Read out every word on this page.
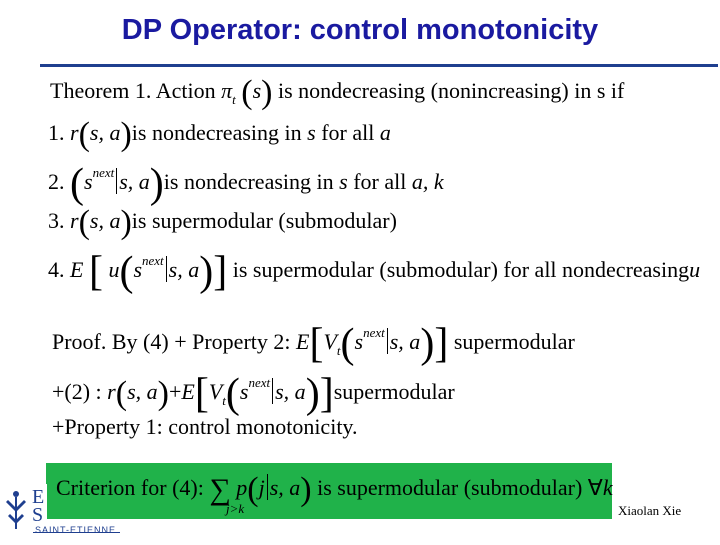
DP Operator: control monotonicity
Theorem 1. Action $\pi_t$ (s) is nondecreasing (nonincreasing) in s if
1. r(s, a)is nondecreasing in s for all a
2. ($s^{next}$ s, a)is nondecreasing in s for all a, k
3. r(s, a)is supermodular (submodular)
4. E [ $u(s^{next}$ s, a)] is supermodular (submodular) for all nondecreasingu
Proof. By (4) + Property 2: $E[V_t(s^{next}$ s, a)] supermodular
+(2) : r(s, $a)+E[V_t(s^{next}$ s, a)]supermodular
+Property 1: control monotonicity.
Criterion for (4): ∑ p(j s, a) is supermodular (submodular) ∀k
j>k	Xiaolan Xie
E
S
SAINT-ETIENNE
